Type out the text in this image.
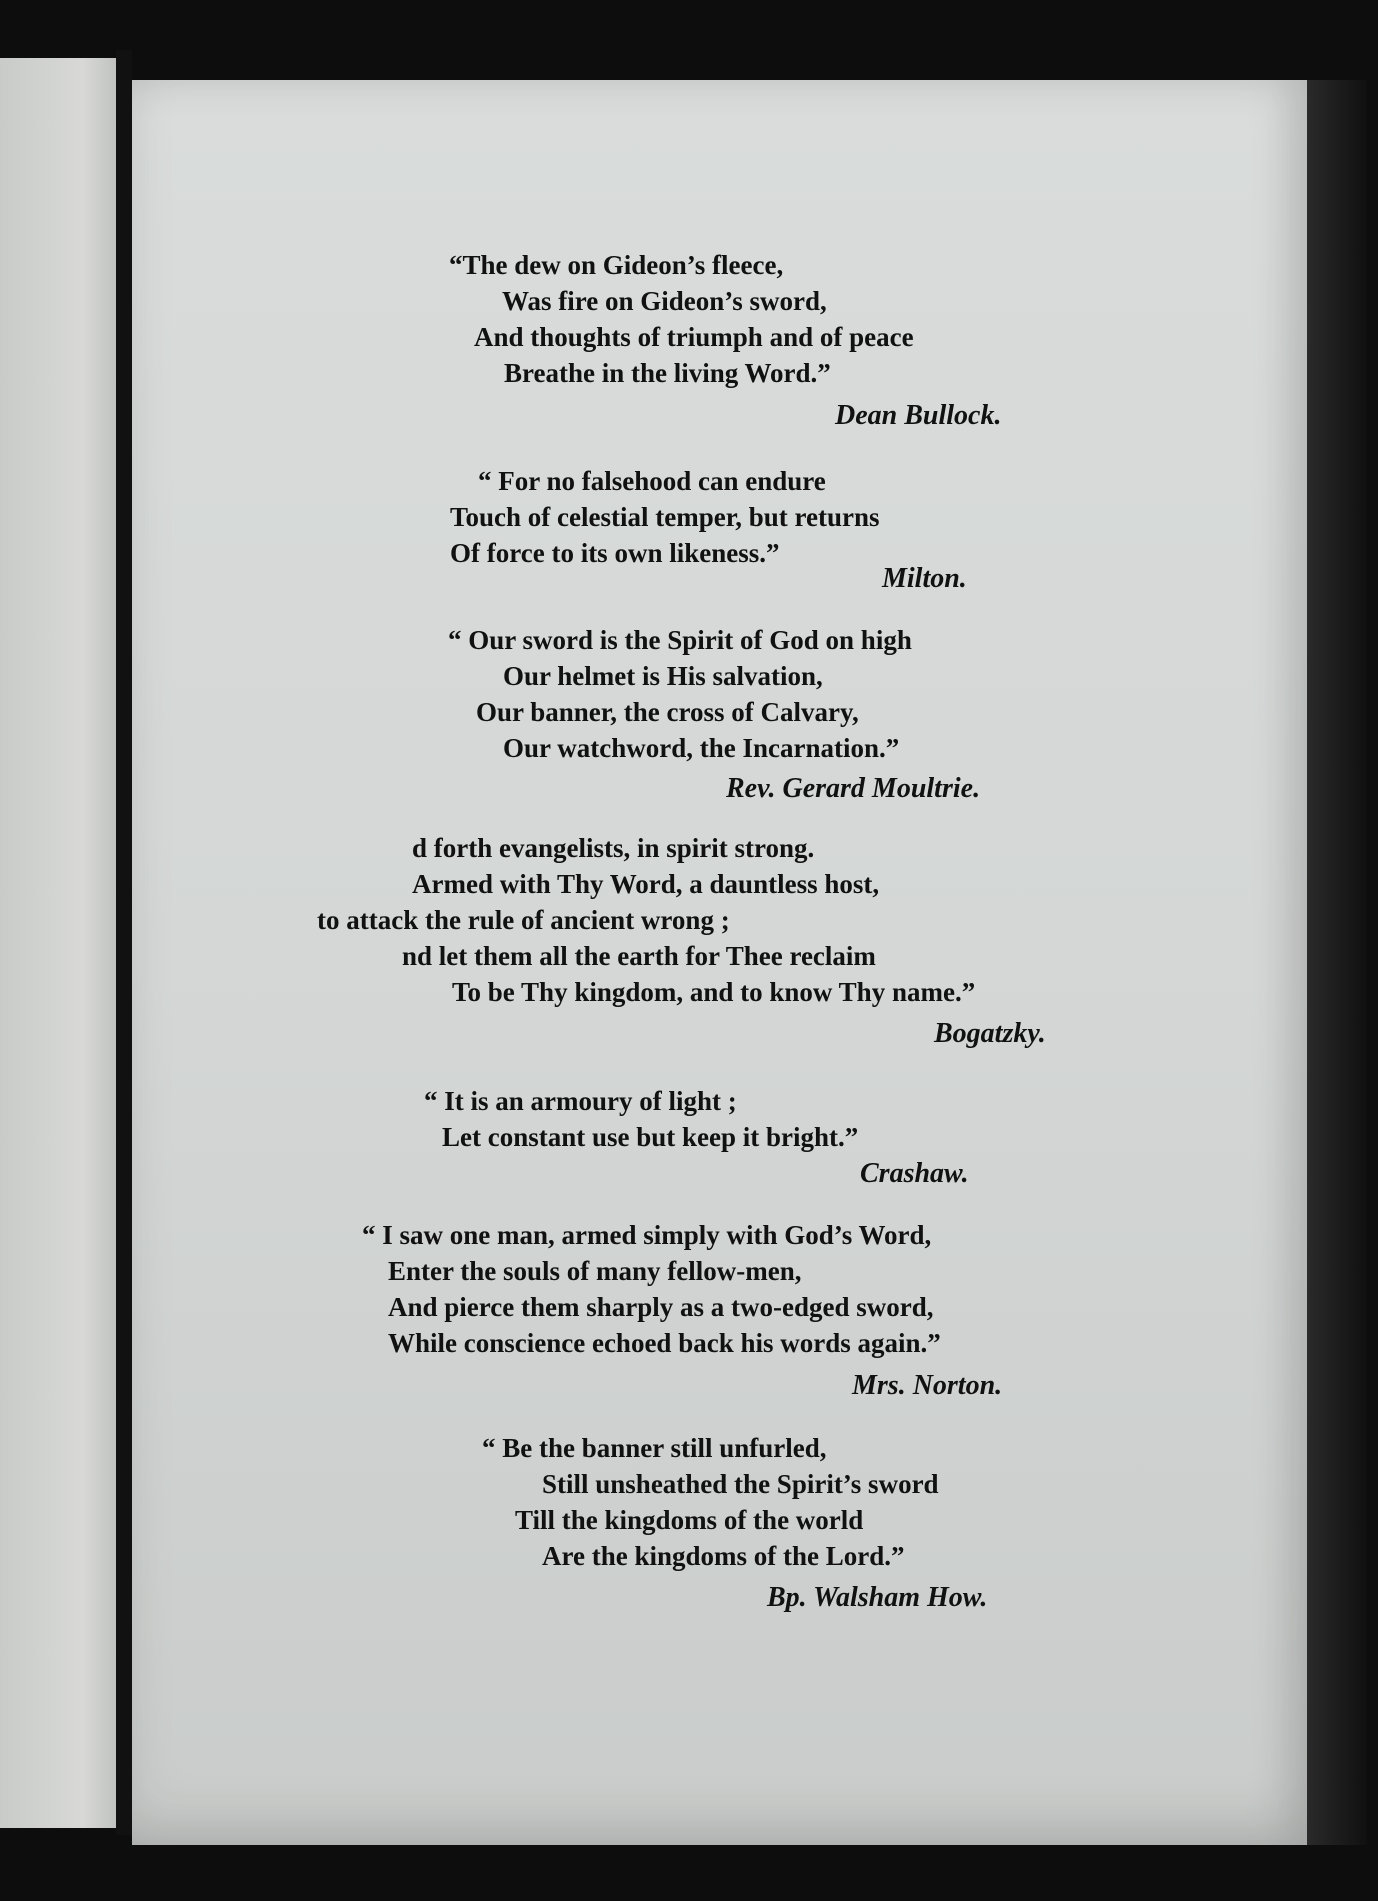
“The dew on Gideon’s fleece,
Was fire on Gideon’s sword,
And thoughts of triumph and of peace
Breathe in the living Word.”
Dean Bullock.
“ For no falsehood can endure
Touch of celestial temper, but returns
Of force to its own likeness.”
Milton.
“ Our sword is the Spirit of God on high
Our helmet is His salvation,
Our banner, the cross of Calvary,
Our watchword, the Incarnation.”
Rev. Gerard Moultrie.
d forth evangelists, in spirit strong.
Armed with Thy Word, a dauntless host,
to attack the rule of ancient wrong ;
nd let them all the earth for Thee reclaim
To be Thy kingdom, and to know Thy name.”
Bogatzky.
“ It is an armoury of light ;
Let constant use but keep it bright.”
Crashaw.
“ I saw one man, armed simply with God’s Word,
Enter the souls of many fellow-men,
And pierce them sharply as a two-edged sword,
While conscience echoed back his words again.”
Mrs. Norton.
“ Be the banner still unfurled,
Still unsheathed the Spirit’s sword
Till the kingdoms of the world
Are the kingdoms of the Lord.”
Bp. Walsham How.
